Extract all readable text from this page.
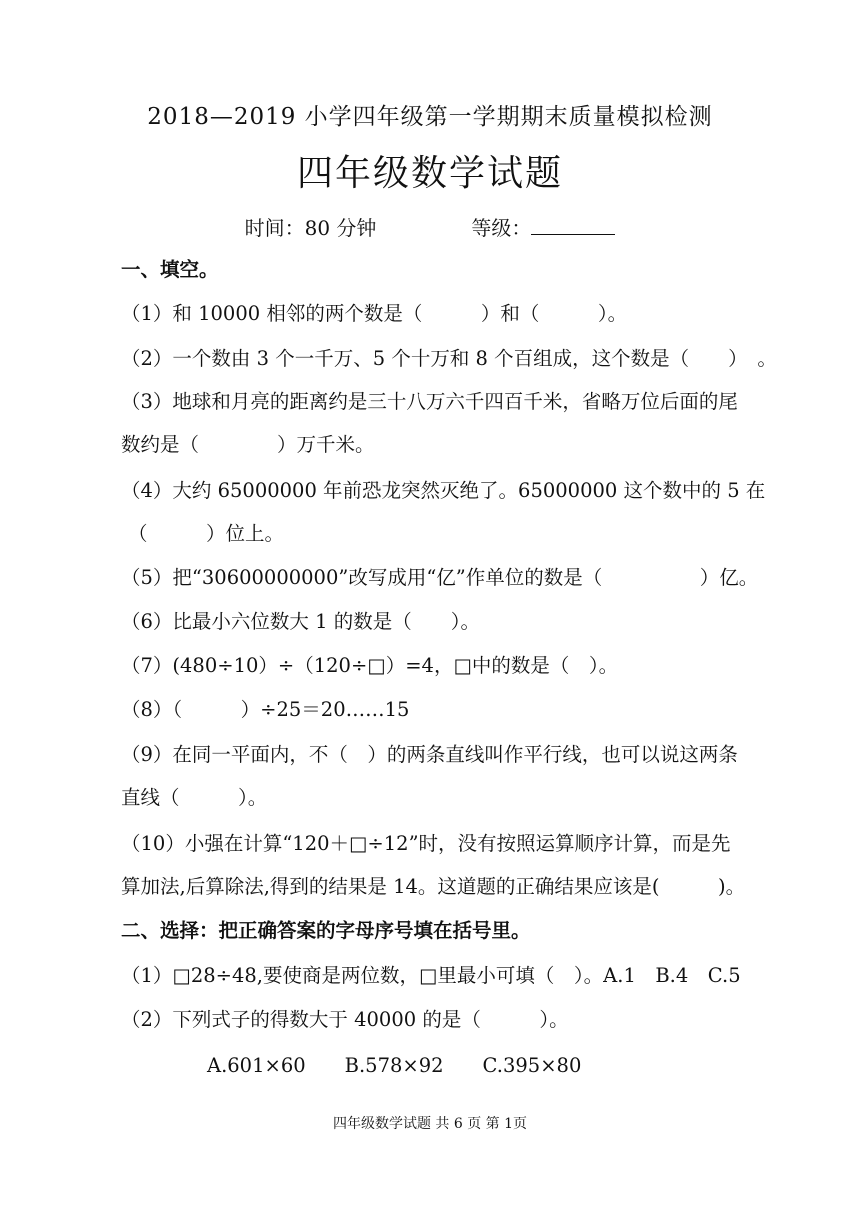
2018—2019 小学四年级第一学期期末质量模拟检测
四年级数学试题
时间：80 分钟	等级：
一、填空。
（1）和 10000 相邻的两个数是（　　　）和（　　　）。
（2）一个数由 3 个一千万、5 个十万和 8 个百组成，这个数是（　　）　。
（3）地球和月亮的距离约是三十八万六千四百千米，省略万位后面的尾
数约是（　　　　）万千米。
（4）大约 65000000 年前恐龙突然灭绝了。65000000 这个数中的 5 在
（　　　）位上。
（5）把“30600000000”改写成用“亿”作单位的数是（　　　　　）亿。
（6）比最小六位数大 1 的数是（　　）。
（7）(480÷10）÷（120÷□）=4，□中的数是（　）。
（8）（　　　）÷25＝20……15
（9）在同一平面内，不（　）的两条直线叫作平行线，也可以说这两条
直线（　　　）。
（10）小强在计算“120＋□÷12”时，没有按照运算顺序计算，而是先
算加法,后算除法,得到的结果是 14。这道题的正确结果应该是(　　　)。
二、选择：把正确答案的字母序号填在括号里。
（1）□28÷48,要使商是两位数，□里最小可填（　）。A.1　B.4　C.5
（2）下列式子的得数大于 40000 的是（　　　）。
A.601×60　　B.578×92　　C.395×80
四年级数学试题 共 6 页 第 1页
